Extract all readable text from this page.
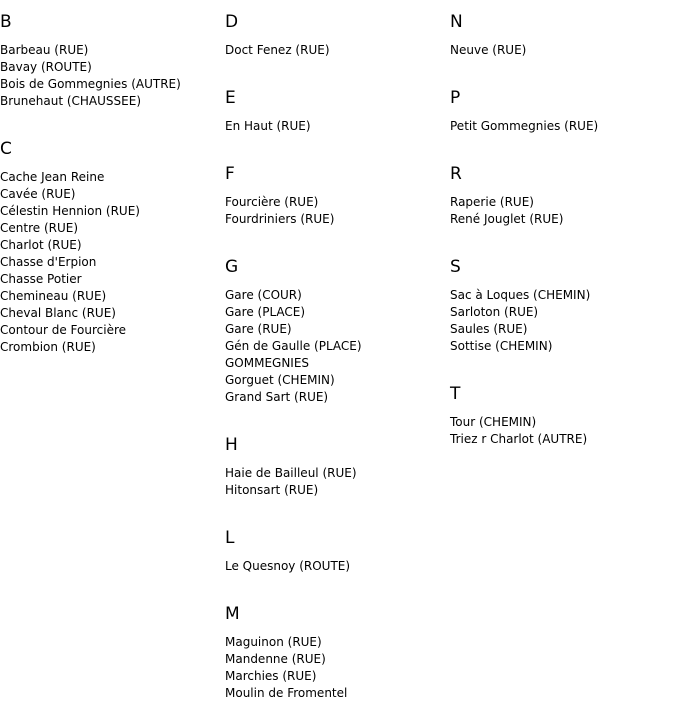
B
Barbeau (RUE)
Bavay (ROUTE)
Bois de Gommegnies (AUTRE)
Brunehaut (CHAUSSEE)
C
Cache Jean Reine
Cavée (RUE)
Célestin Hennion (RUE)
Centre (RUE)
Charlot (RUE)
Chasse d'Erpion
Chasse Potier
Chemineau (RUE)
Cheval Blanc (RUE)
Contour de Fourcière
Crombion (RUE)
D
Doct Fenez (RUE)
E
En Haut (RUE)
F
Fourcière (RUE)
Fourdriniers (RUE)
G
Gare (COUR)
Gare (PLACE)
Gare (RUE)
Gén de Gaulle (PLACE)
GOMMEGNIES
Gorguet (CHEMIN)
Grand Sart (RUE)
H
Haie de Bailleul (RUE)
Hitonsart (RUE)
L
Le Quesnoy (ROUTE)
M
Maguinon (RUE)
Mandenne (RUE)
Marchies (RUE)
Moulin de Fromentel
N
Neuve (RUE)
P
Petit Gommegnies (RUE)
R
Raperie (RUE)
René Jouglet (RUE)
S
Sac à Loques (CHEMIN)
Sarloton (RUE)
Saules (RUE)
Sottise (CHEMIN)
T
Tour (CHEMIN)
Triez r Charlot (AUTRE)
